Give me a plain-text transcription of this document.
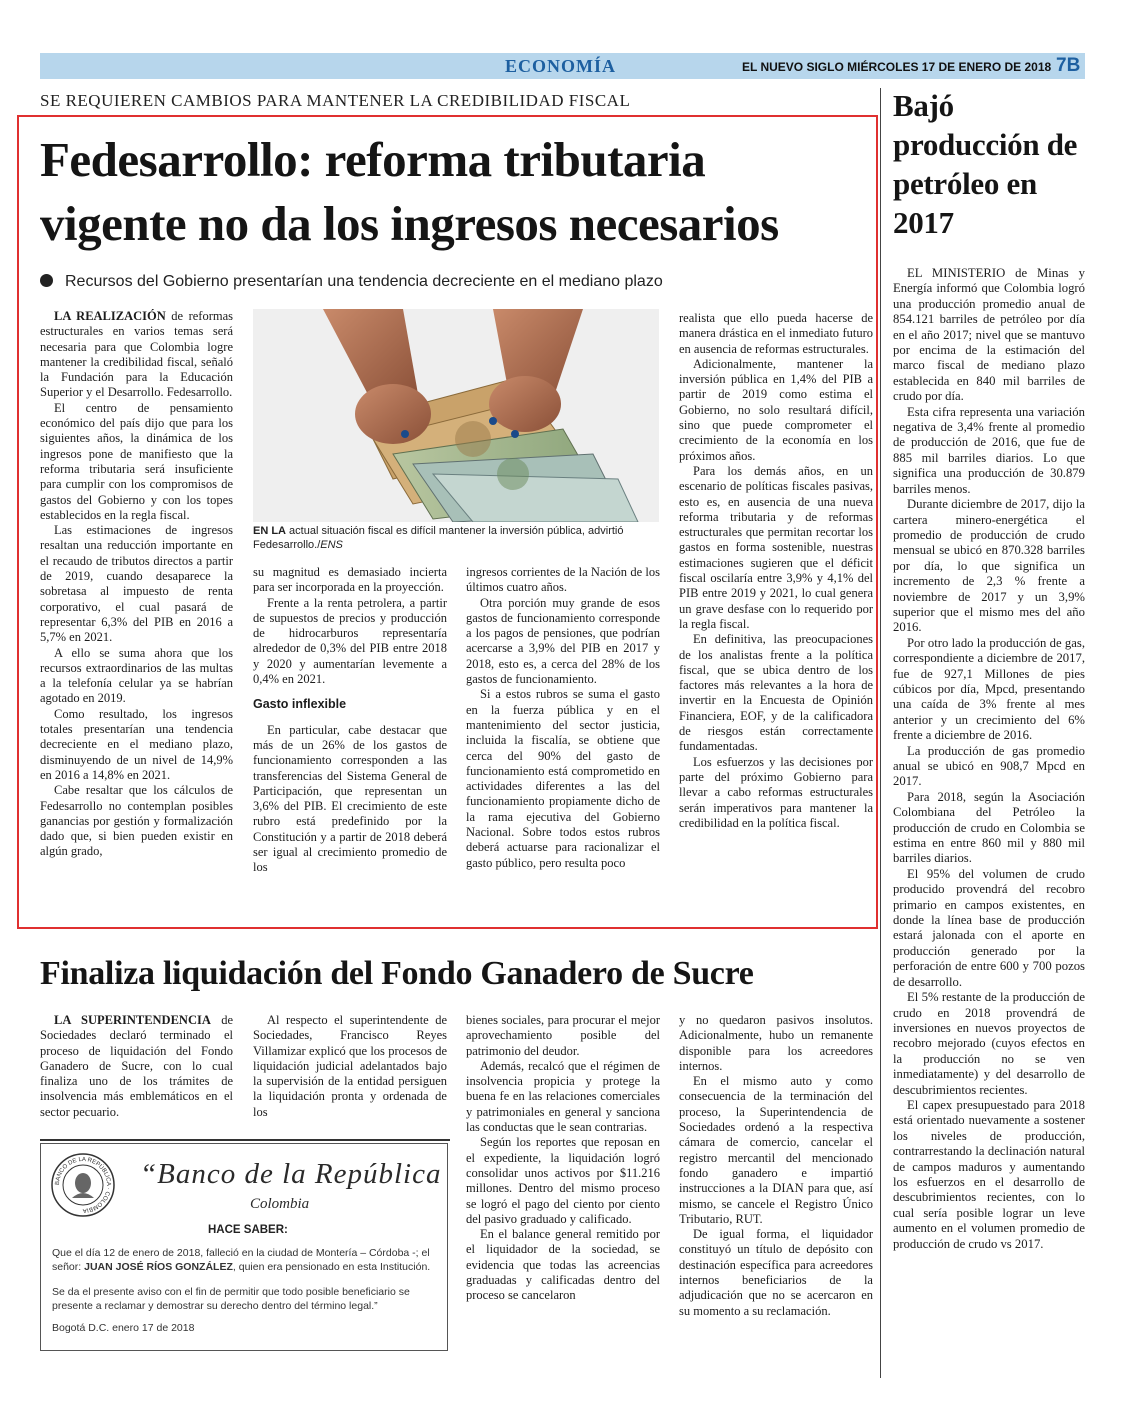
ECONOMÍA	EL NUEVO SIGLO MIÉRCOLES 17 DE ENERO DE 2018 7B
SE REQUIEREN CAMBIOS PARA MANTENER LA CREDIBILIDAD FISCAL
Fedesarrollo: reforma tributaria
vigente no da los ingresos necesarios
Recursos del Gobierno presentarían una tendencia decreciente en el mediano plazo

LA REALIZACIÓN de reformas estructurales en varios temas será necesaria para que Colombia logre mantener la credibilidad fiscal, señaló la Fundación para la Educación Superior y el Desarrollo. Fedesarrollo.

El centro de pensamiento económico del país dijo que para los siguientes años, la dinámica de los ingresos pone de manifiesto que la reforma tributaria será insuficiente para cumplir con los compromisos de gastos del Gobierno y con los topes establecidos en la regla fiscal.

Las estimaciones de ingresos resaltan una reducción importante en el recaudo de tributos directos a partir de 2019, cuando desaparece la sobretasa al impuesto de renta corporativo, el cual pasará de representar 6,3% del PIB en 2016 a 5,7% en 2021.

A ello se suma ahora que los recursos extraordinarios de las multas a la telefonía celular ya se habrían agotado en 2019.

Como resultado, los ingresos totales presentarían una tendencia decreciente en el mediano plazo, disminuyendo de un nivel de 14,9% en 2016 a 14,8% en 2021.

Cabe resaltar que los cálculos de Fedesarrollo no contemplan posibles ganancias por gestión y formalización dado que, si bien pueden existir en algún grado,

EN LA actual situación fiscal es difícil mantener la inversión pública, advirtió Fedesarrollo./ENS

su magnitud es demasiado incierta para ser incorporada en la proyección.

Frente a la renta petrolera, a partir de supuestos de precios y producción de hidrocarburos representaría alrededor de 0,3% del PIB entre 2018 y 2020 y aumentarían levemente a 0,4% en 2021.

Gasto inflexible

En particular, cabe destacar que más de un 26% de los gastos de funcionamiento corresponden a las transferencias del Sistema General de Participación, que representan un 3,6% del PIB. El crecimiento de este rubro está predefinido por la Constitución y a partir de 2018 deberá ser igual al crecimiento promedio de los

ingresos corrientes de la Nación de los últimos cuatro años.

Otra porción muy grande de esos gastos de funcionamiento corresponde a los pagos de pensiones, que podrían acercarse a 3,9% del PIB en 2017 y 2018, esto es, a cerca del 28% de los gastos de funcionamiento.

Si a estos rubros se suma el gasto en la fuerza pública y en el mantenimiento del sector justicia, incluida la fiscalía, se obtiene que cerca del 90% del gasto de funcionamiento está comprometido en actividades diferentes a las del funcionamiento propiamente dicho de la rama ejecutiva del Gobierno Nacional. Sobre todos estos rubros deberá actuarse para racionalizar el gasto público, pero resulta poco

realista que ello pueda hacerse de manera drástica en el inmediato futuro en ausencia de reformas estructurales.

Adicionalmente, mantener la inversión pública en 1,4% del PIB a partir de 2019 como estima el Gobierno, no solo resultará difícil, sino que puede comprometer el crecimiento de la economía en los próximos años.

Para los demás años, en un escenario de políticas fiscales pasivas, esto es, en ausencia de una nueva reforma tributaria y de reformas estructurales que permitan recortar los gastos en forma sostenible, nuestras estimaciones sugieren que el déficit fiscal oscilaría entre 3,9% y 4,1% del PIB entre 2019 y 2021, lo cual genera un grave desfase con lo requerido por la regla fiscal.

En definitiva, las preocupaciones de los analistas frente a la política fiscal, que se ubica dentro de los factores más relevantes a la hora de invertir en la Encuesta de Opinión Financiera, EOF, y de la calificadora de riesgos están correctamente fundamentadas.

Los esfuerzos y las decisiones por parte del próximo Gobierno para llevar a cabo reformas estructurales serán imperativos para mantener la credibilidad en la política fiscal.

Bajó producción de petróleo en 2017

EL MINISTERIO de Minas y Energía informó que Colombia logró una producción promedio anual de 854.121 barriles de petróleo por día en el año 2017; nivel que se mantuvo por encima de la estimación del marco fiscal de mediano plazo establecida en 840 mil barriles de crudo por día.

Esta cifra representa una variación negativa de 3,4% frente al promedio de producción de 2016, que fue de 885 mil barriles diarios. Lo que significa una producción de 30.879 barriles menos.

Durante diciembre de 2017, dijo la cartera minero-energética el promedio de producción de crudo mensual se ubicó en 870.328 barriles por día, lo que significa un incremento de 2,3 % frente a noviembre de 2017 y un 3,9% superior que el mismo mes del año 2016.

Por otro lado la producción de gas, correspondiente a diciembre de 2017, fue de 927,1 Millones de pies cúbicos por día, Mpcd, presentando una caída de 3% frente al mes anterior y un crecimiento del 6% frente a diciembre de 2016.

La producción de gas promedio anual se ubicó en 908,7 Mpcd en 2017.

Para 2018, según la Asociación Colombiana del Petróleo la producción de crudo en Colombia se estima en entre 860 mil y 880 mil barriles diarios.

El 95% del volumen de crudo producido provendrá del recobro primario en campos existentes, en donde la línea base de producción estará jalonada con el aporte en producción generado por la perforación de entre 600 y 700 pozos de desarrollo.

El 5% restante de la producción de crudo en 2018 provendrá de inversiones en nuevos proyectos de recobro mejorado (cuyos efectos en la producción no se ven inmediatamente) y del desarrollo de descubrimientos recientes.

El capex presupuestado para 2018 está orientado nuevamente a sostener los niveles de producción, contrarrestando la declinación natural de campos maduros y aumentando los esfuerzos en el desarrollo de descubrimientos recientes, con lo cual sería posible lograr un leve aumento en el volumen promedio de producción de crudo vs 2017.

Finaliza liquidación del Fondo Ganadero de Sucre

LA SUPERINTENDENCIA de Sociedades declaró terminado el proceso de liquidación del Fondo Ganadero de Sucre, con lo cual finaliza uno de los trámites de insolvencia más emblemáticos en el sector pecuario.

Al respecto el superintendente de Sociedades, Francisco Reyes Villamizar explicó que los procesos de liquidación judicial adelantados bajo la supervisión de la entidad persiguen la liquidación pronta y ordenada de los

bienes sociales, para procurar el mejor aprovechamiento posible del patrimonio del deudor.

Además, recalcó que el régimen de insolvencia propicia y protege la buena fe en las relaciones comerciales y patrimoniales en general y sanciona las conductas que le sean contrarias.

Según los reportes que reposan en el expediente, la liquidación logró consolidar unos activos por $11.216 millones. Dentro del mismo proceso se logró el pago del ciento por ciento del pasivo graduado y calificado.

En el balance general remitido por el liquidador de la sociedad, se evidencia que todas las acreencias graduadas y calificadas dentro del proceso se cancelaron

y no quedaron pasivos insolutos. Adicionalmente, hubo un remanente disponible para los acreedores internos.

En el mismo auto y como consecuencia de la terminación del proceso, la Superintendencia de Sociedades ordenó a la respectiva cámara de comercio, cancelar el registro mercantil del mencionado fondo ganadero e impartió instrucciones a la DIAN para que, así mismo, se cancele el Registro Único Tributario, RUT.

De igual forma, el liquidador constituyó un título de depósito con destinación específica para acreedores internos beneficiarios de la adjudicación que no se acercaron en su momento a su reclamación.

BANCO DE LA REPÚBLICA · COLOMBIA
“Banco de la República
Colombia
HACE SABER:
Que el día 12 de enero de 2018, falleció en la ciudad de Montería – Córdoba -; el señor: JUAN JOSÉ RÍOS GONZÁLEZ, quien era pensionado en esta Institución.
Se da el presente aviso con el fin de permitir que todo posible beneficiario se presente a reclamar y demostrar su derecho dentro del término legal.”
Bogotá D.C. enero 17 de 2018
